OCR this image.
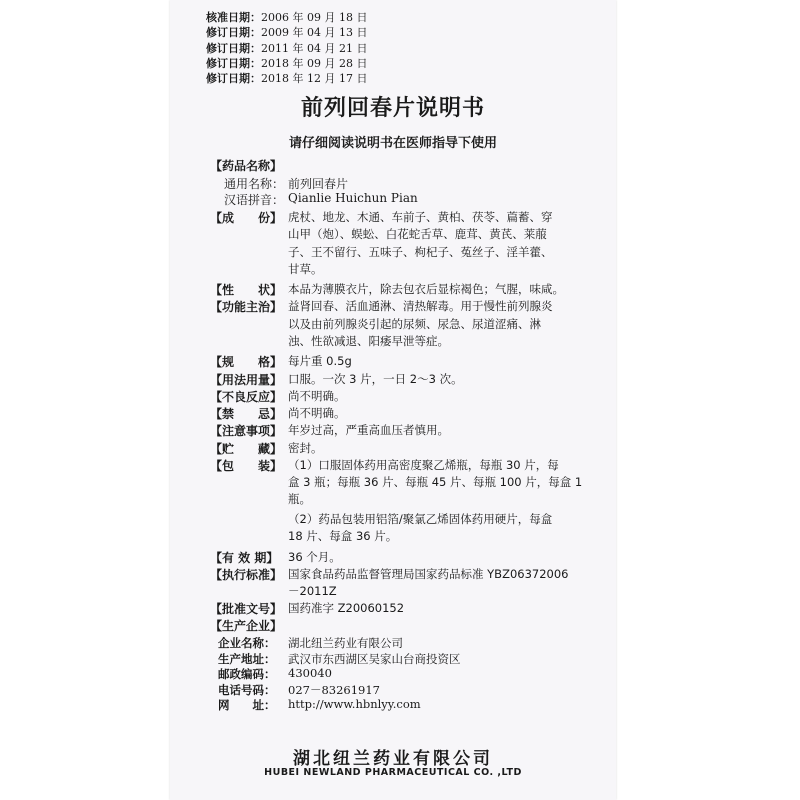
核准日期：2006 年 09 月 18 日
修订日期：2009 年 04 月 13 日
修订日期：2011 年 04 月 21 日
修订日期：2018 年 09 月 28 日
修订日期：2018 年 12 月 17 日
前列回春片说明书
请仔细阅读说明书在医师指导下使用
【药品名称】
通用名称： 前列回春片
汉语拼音： Qianlie Huichun Pian
【成　　份】 虎杖、地龙、木通、车前子、黄柏、茯苓、萹蓄、穿
山甲（炮）、蜈蚣、白花蛇舌草、鹿茸、黄芪、莱菔
子、王不留行、五味子、枸杞子、菟丝子、淫羊藿、
甘草。
【性　　状】 本品为薄膜衣片，除去包衣后显棕褐色；气腥，味咸。
【功能主治】 益肾回春、活血通淋、清热解毒。用于慢性前列腺炎
以及由前列腺炎引起的尿频、尿急、尿道涩痛、淋
浊、性欲减退、阳痿早泄等症。
【规　　格】 每片重 0.5g
【用法用量】 口服。一次 3 片，一日 2～3 次。
【不良反应】 尚不明确。
【禁　　忌】 尚不明确。
【注意事项】 年岁过高，严重高血压者慎用。
【贮　　藏】 密封。
【包　　装】 （1）口服固体药用高密度聚乙烯瓶，每瓶 30 片，每
盒 3 瓶；每瓶 36 片、每瓶 45 片、每瓶 100 片，每盒 1
瓶。
（2）药品包装用铝箔/聚氯乙烯固体药用硬片，每盒
18 片、每盒 36 片。
【有 效 期】 36 个月。
【执行标准】 国家食品药品监督管理局国家药品标准 YBZ06372006
－2011Z
【批准文号】 国药准字 Z20060152
【生产企业】
企业名称： 湖北纽兰药业有限公司
生产地址： 武汉市东西湖区吴家山台商投资区
邮政编码： 430040
电话号码： 027－83261917
网　　址： http://www.hbnlyy.com
湖北纽兰药业有限公司
HUBEI NEWLAND PHARMACEUTICAL CO. ,LTD
